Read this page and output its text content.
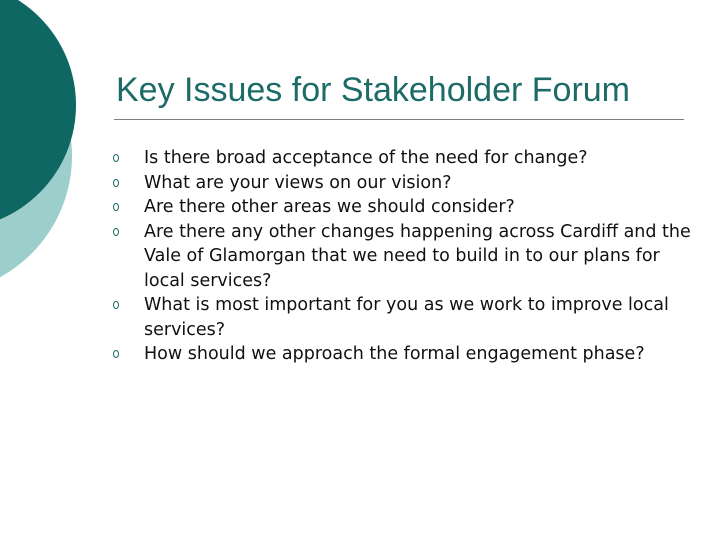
Key Issues for Stakeholder Forum
Is there broad acceptance of the need for change?
What are your views on our vision?
Are there other areas we should consider?
Are there any other changes happening across Cardiff and the Vale of Glamorgan that we need to build in to our plans for local services?
What is most important for you as we work to improve local services?
How should we approach the formal engagement phase?
